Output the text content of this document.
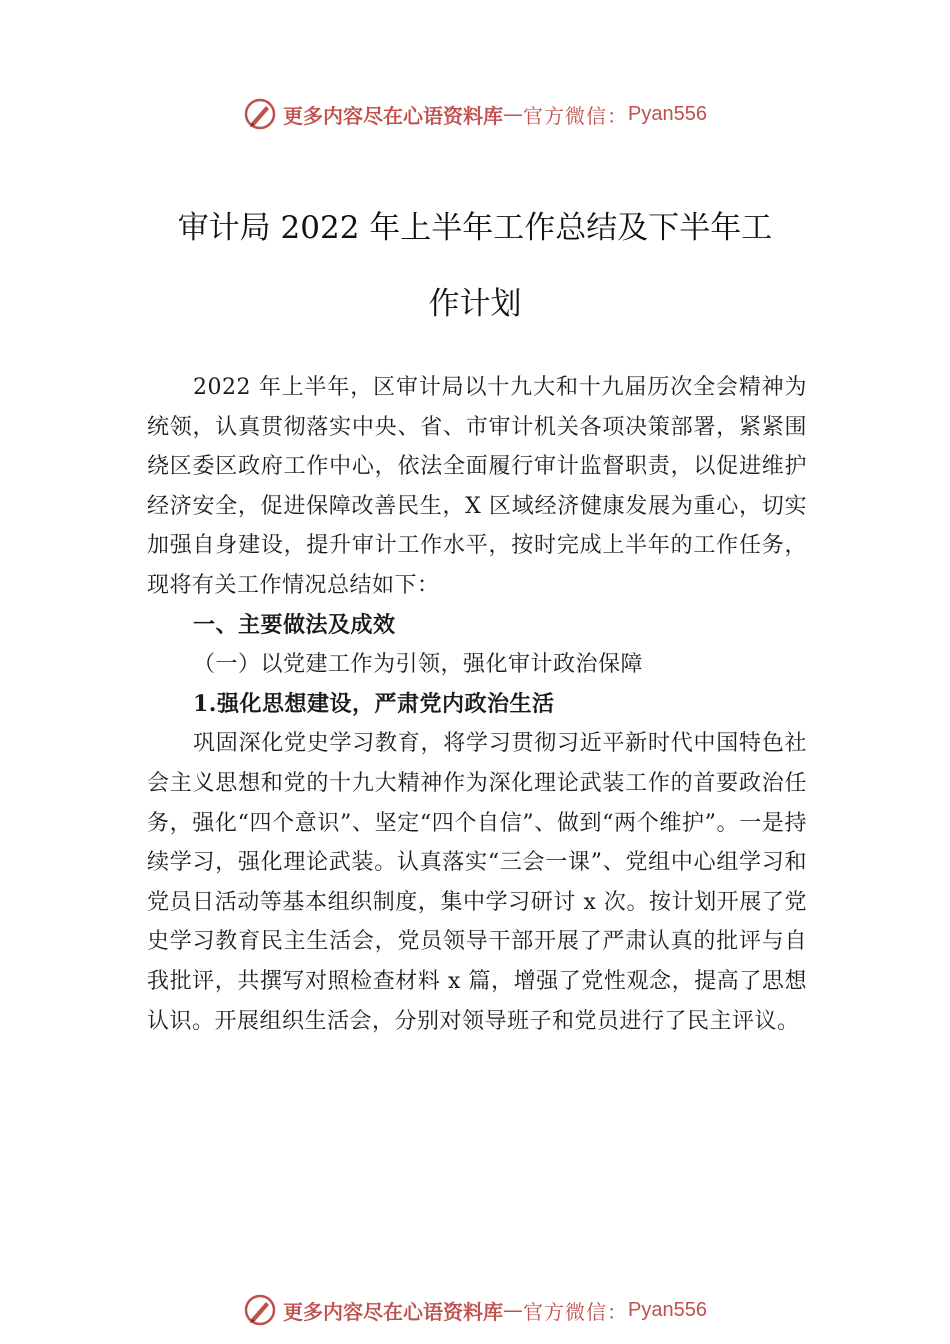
更多内容尽在心语资料库 — 官方微信： Pyan556
审计局 2022 年上半年工作总结及下半年工
作计划

2022 年上半年，区审计局以十九大和十九届历次全会精神为统领，认真贯彻落实中央、省、市审计机关各项决策部署，紧紧围绕区委区政府工作中心，依法全面履行审计监督职责，以促进维护经济安全，促进保障改善民生，X 区域经济健康发展为重心，切实加强自身建设，提升审计工作水平，按时完成上半年的工作任务，现将有关工作情况总结如下：

一、主要做法及成效

（一）以党建工作为引领，强化审计政治保障

1.强化思想建设，严肃党内政治生活

巩固深化党史学习教育，将学习贯彻习近平新时代中国特色社会主义思想和党的十九大精神作为深化理论武装工作的首要政治任务，强化“四个意识”、坚定“四个自信”、做到“两个维护”。一是持续学习，强化理论武装。认真落实“三会一课”、党组中心组学习和党员日活动等基本组织制度，集中学习研讨 x 次。按计划开展了党史学习教育民主生活会，党员领导干部开展了严肃认真的批评与自我批评，共撰写对照检查材料 x 篇，增强了党性观念，提高了思想认识。开展组织生活会，分别对领导班子和党员进行了民主评议。

更多内容尽在心语资料库 — 官方微信： Pyan556
